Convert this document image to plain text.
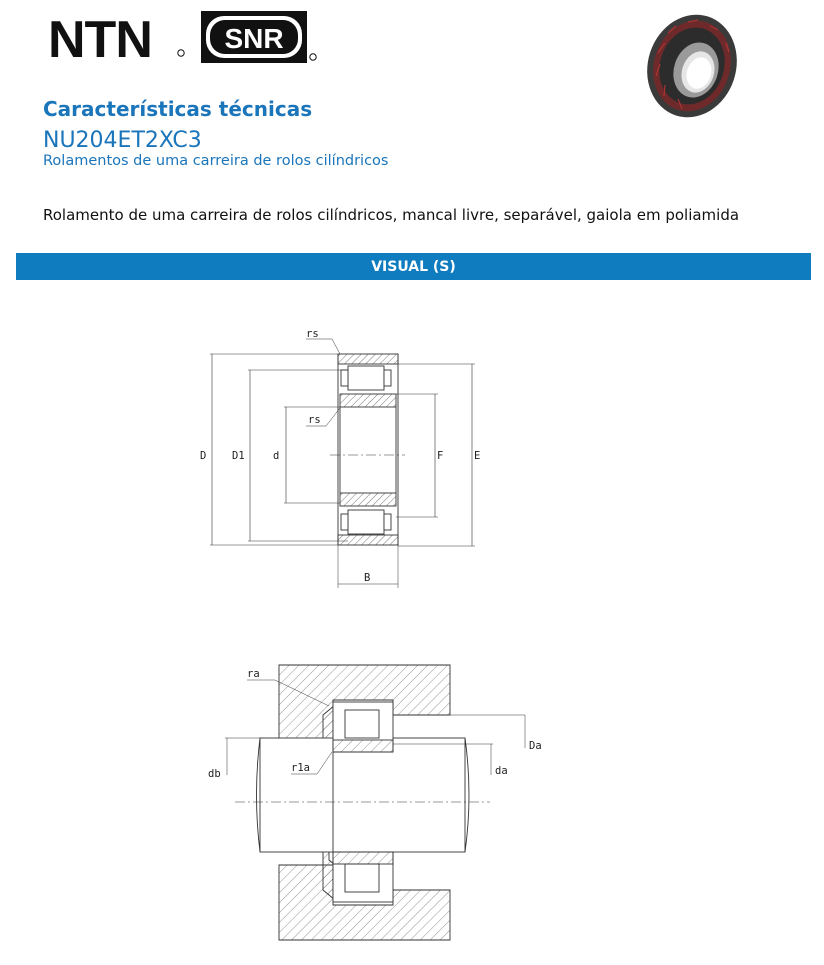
NTN	SNR
Características técnicas
NU204ET2XC3
Rolamentos de uma carreira de rolos cilíndricos
Rolamento de uma carreira de rolos cilíndricos, mancal livre, separável, gaiola em poliamida
VISUAL (S)
rs
rs
D D1	d	F	E
B
ra
Da
db	r1a	da
